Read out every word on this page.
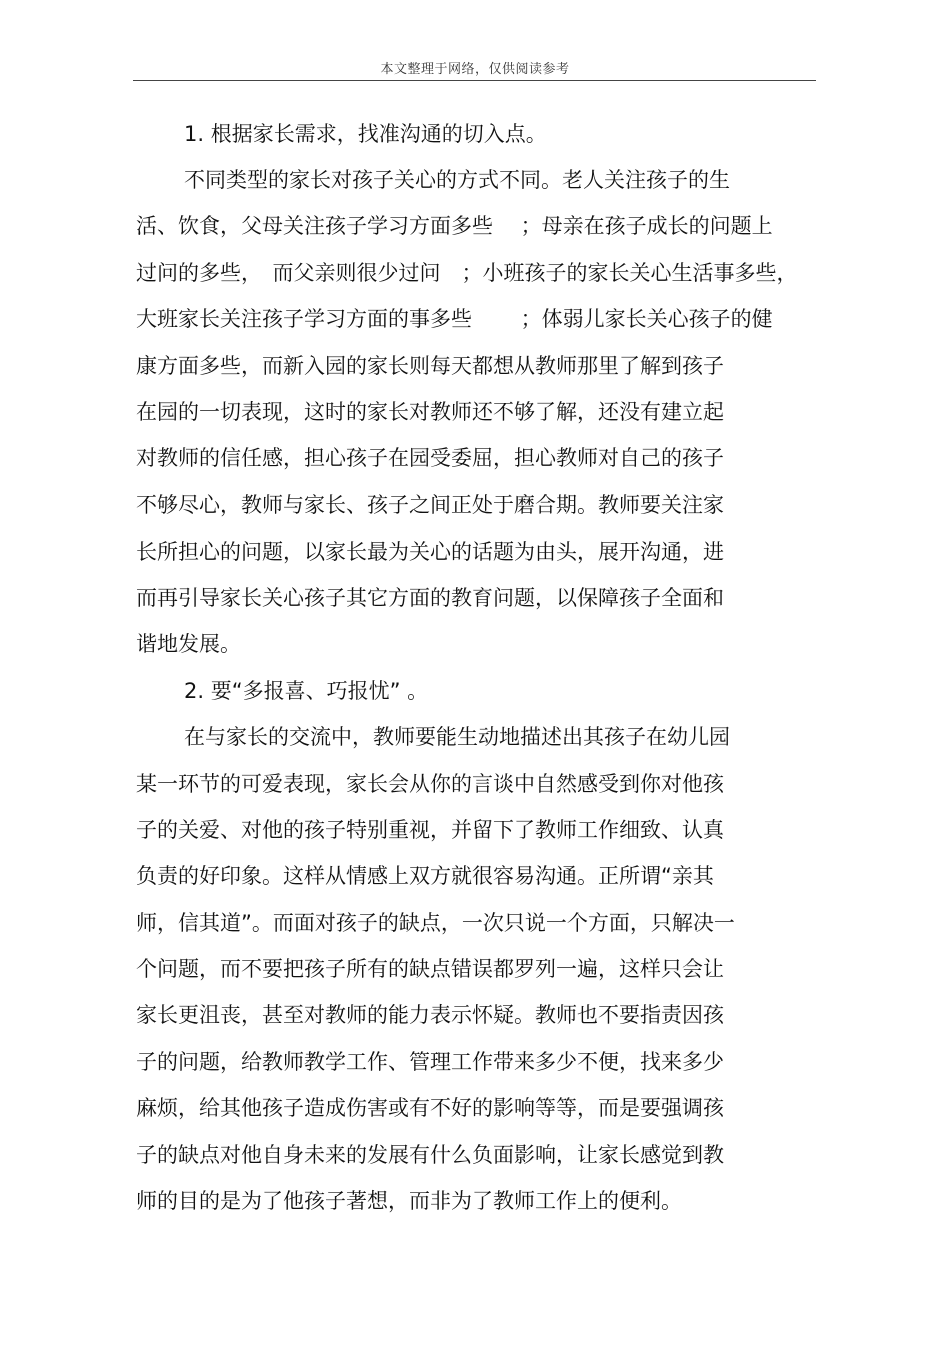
本文整理于网络，仅供阅读参考
1. 根据家长需求，找准沟通的切入点。
不同类型的家长对孩子关心的方式不同。老人关注孩子的生
活、饮食，父母关注孩子学习方面多些　 ；母亲在孩子成长的问题上
过问的多些，　而父亲则很少过问　；小班孩子的家长关心生活事多些，
大班家长关注孩子学习方面的事多些　　 ；体弱儿家长关心孩子的健
康方面多些，而新入园的家长则每天都想从教师那里了解到孩子
在园的一切表现，这时的家长对教师还不够了解，还没有建立起
对教师的信任感，担心孩子在园受委屈，担心教师对自己的孩子
不够尽心，教师与家长、孩子之间正处于磨合期。教师要关注家
长所担心的问题，以家长最为关心的话题为由头，展开沟通，进
而再引导家长关心孩子其它方面的教育问题，以保障孩子全面和
谐地发展。
2. 要“多报喜、巧报忧” 。
在与家长的交流中，教师要能生动地描述出其孩子在幼儿园
某一环节的可爱表现，家长会从你的言谈中自然感受到你对他孩
子的关爱、对他的孩子特别重视，并留下了教师工作细致、认真
负责的好印象。这样从情感上双方就很容易沟通。正所谓“亲其
师，信其道”。而面对孩子的缺点，一次只说一个方面，只解决一
个问题，而不要把孩子所有的缺点错误都罗列一遍，这样只会让
家长更沮丧，甚至对教师的能力表示怀疑。教师也不要指责因孩
子的问题，给教师教学工作、管理工作带来多少不便，找来多少
麻烦，给其他孩子造成伤害或有不好的影响等等，而是要强调孩
子的缺点对他自身未来的发展有什么负面影响，让家长感觉到教
师的目的是为了他孩子著想，而非为了教师工作上的便利。
